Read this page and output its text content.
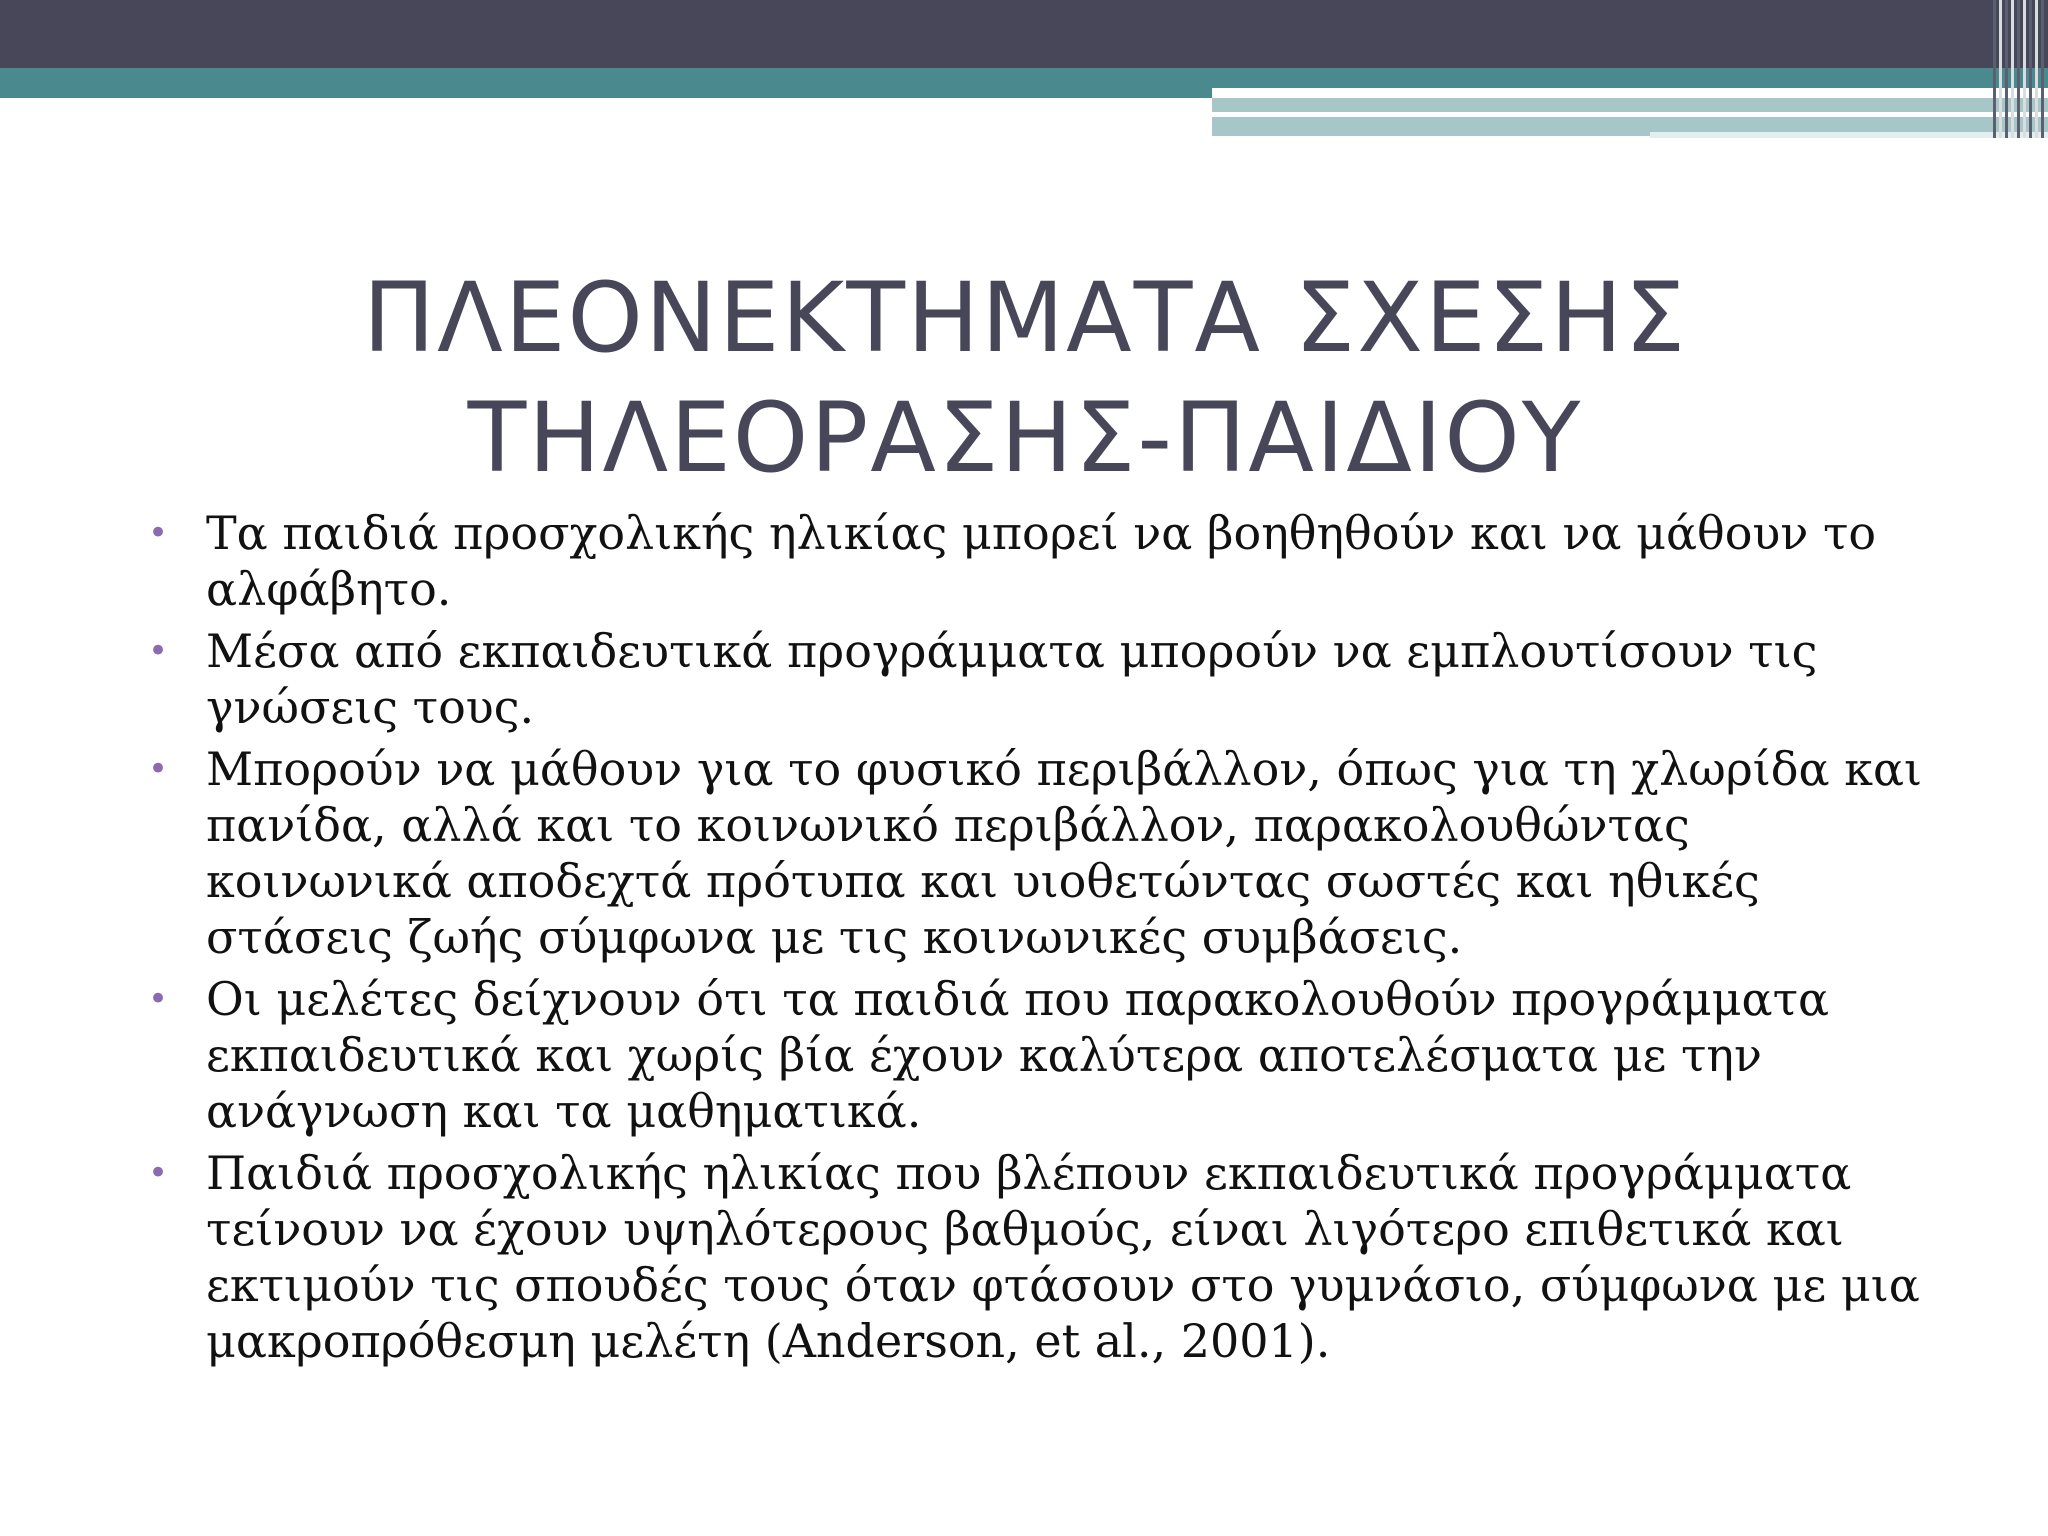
ΠΛΕΟΝΕΚΤΗΜΑΤΑ ΣΧΕΣΗΣ
ΤΗΛΕΟΡΑΣΗΣ-ΠΑΙΔΙΟΥ
• Τα παιδιά προσχολικής ηλικίας μπορεί να βοηθηθούν και να μάθουν το αλφάβητο.
• Μέσα από εκπαιδευτικά προγράμματα μπορούν να εμπλουτίσουν τις γνώσεις τους.
• Μπορούν να μάθουν για το φυσικό περιβάλλον, όπως για τη χλωρίδα και πανίδα, αλλά και το κοινωνικό περιβάλλον, παρακολουθώντας κοινωνικά αποδεχτά πρότυπα και υιοθετώντας σωστές και ηθικές στάσεις ζωής σύμφωνα με τις κοινωνικές συμβάσεις.
• Οι μελέτες δείχνουν ότι τα παιδιά που παρακολουθούν προγράμματα εκπαιδευτικά και χωρίς βία έχουν καλύτερα αποτελέσματα με την ανάγνωση και τα μαθηματικά.
• Παιδιά προσχολικής ηλικίας που βλέπουν εκπαιδευτικά προγράμματα τείνουν να έχουν υψηλότερους βαθμούς, είναι λιγότερο επιθετικά και εκτιμούν τις σπουδές τους όταν φτάσουν στο γυμνάσιο, σύμφωνα με μια μακροπρόθεσμη μελέτη (Anderson, et al., 2001).
